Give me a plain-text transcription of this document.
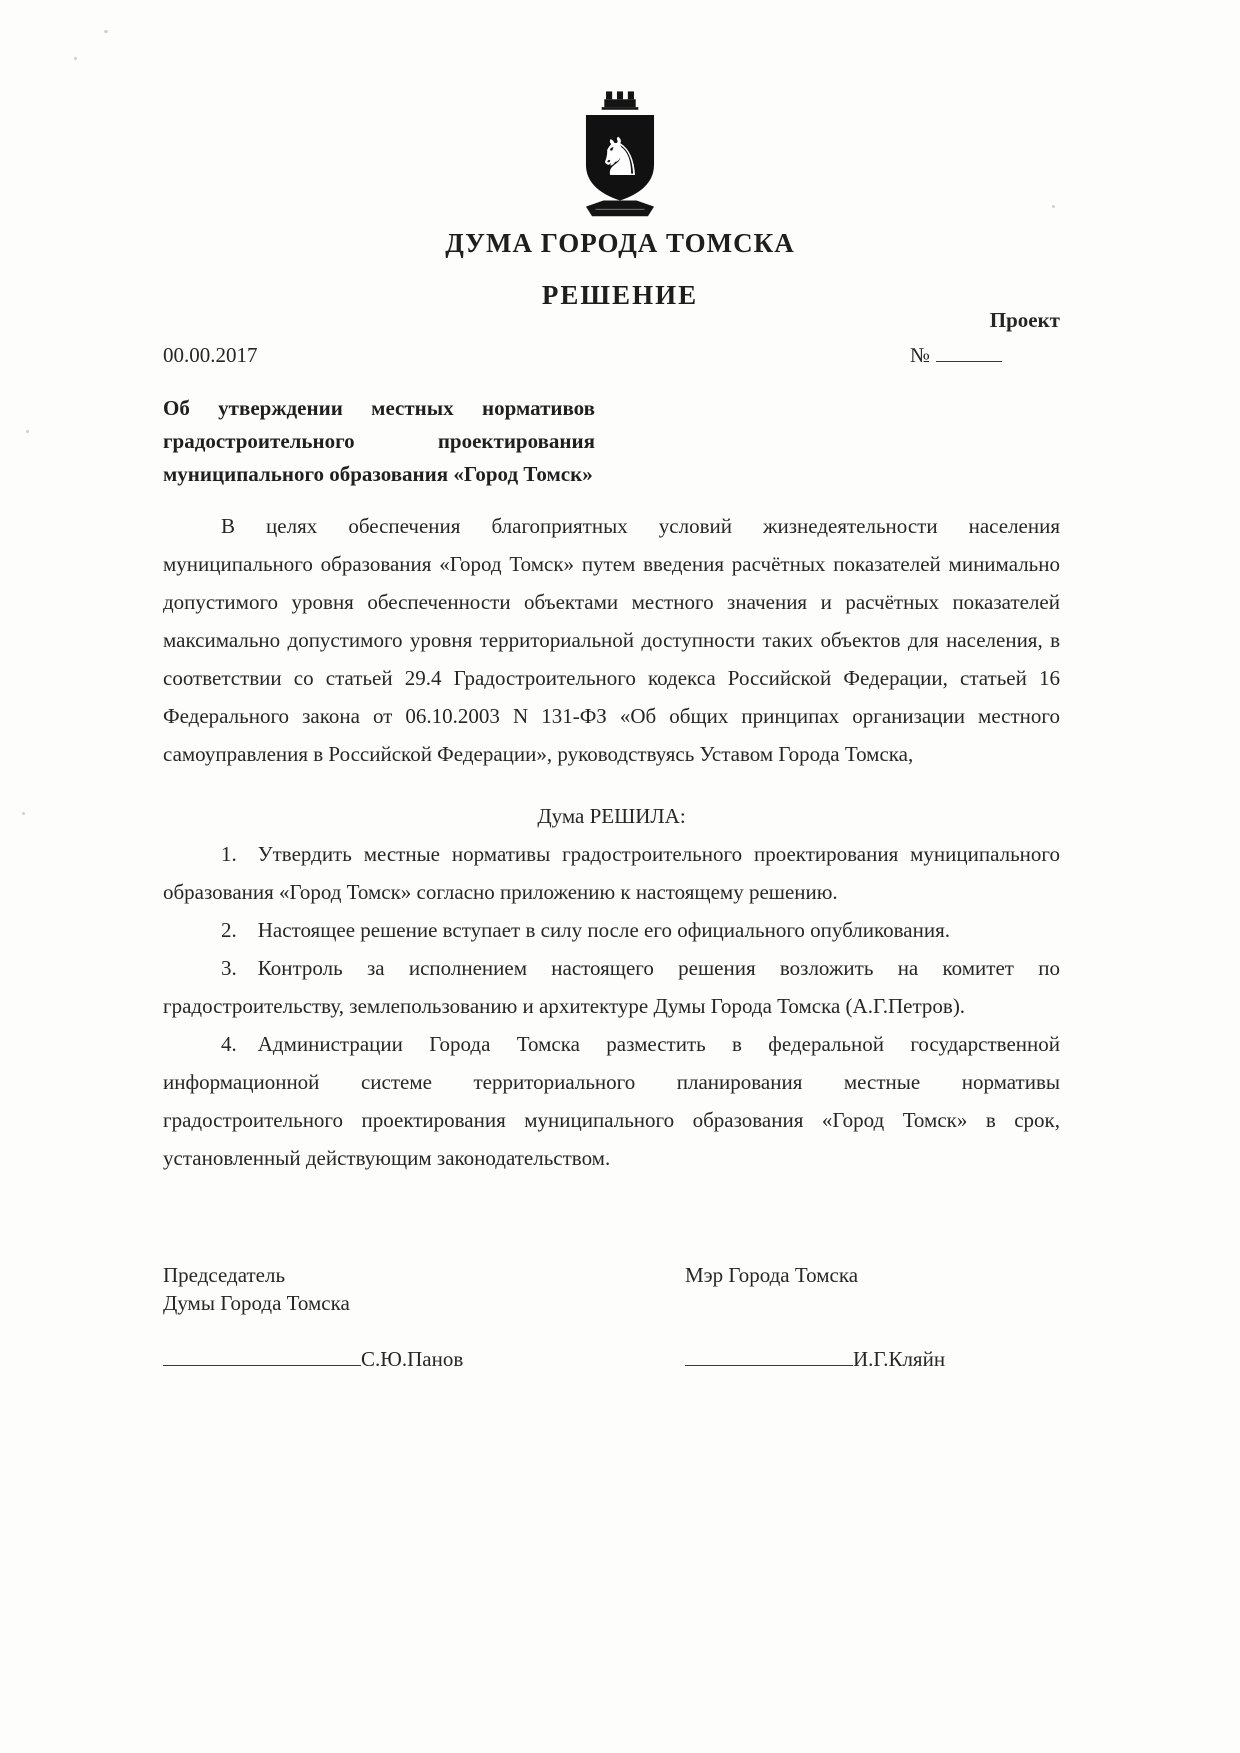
♞
ДУМА ГОРОДА ТОМСКА
РЕШЕНИЕ
Проект
00.00.2017	№

Об утверждении местных нормативов градостроительного проектирования муниципального образования «Город Томск»

В целях обеспечения благоприятных условий жизнедеятельности населения муниципального образования «Город Томск» путем введения расчётных показателей минимально допустимого уровня обеспеченности объектами местного значения и расчётных показателей максимально допустимого уровня территориальной доступности таких объектов для населения, в соответствии со статьей 29.4 Градостроительного кодекса Российской Федерации, статьей 16 Федерального закона от 06.10.2003 N 131-ФЗ «Об общих принципах организации местного самоуправления в Российской Федерации», руководствуясь Уставом Города Томска,

Дума РЕШИЛА:

1. Утвердить местные нормативы градостроительного проектирования муниципального образования «Город Томск» согласно приложению к настоящему решению.

2. Настоящее решение вступает в силу после его официального опубликования.

3. Контроль за исполнением настоящего решения возложить на комитет по градостроительству, землепользованию и архитектуре Думы Города Томска (А.Г.Петров).

4. Администрации Города Томска разместить в федеральной государственной информационной системе территориального планирования местные нормативы градостроительного проектирования муниципального образования «Город Томск» в срок, установленный действующим законодательством.

Председатель
Думы Города Томска
С.Ю.Панов
Мэр Города Томска
И.Г.Кляйн
